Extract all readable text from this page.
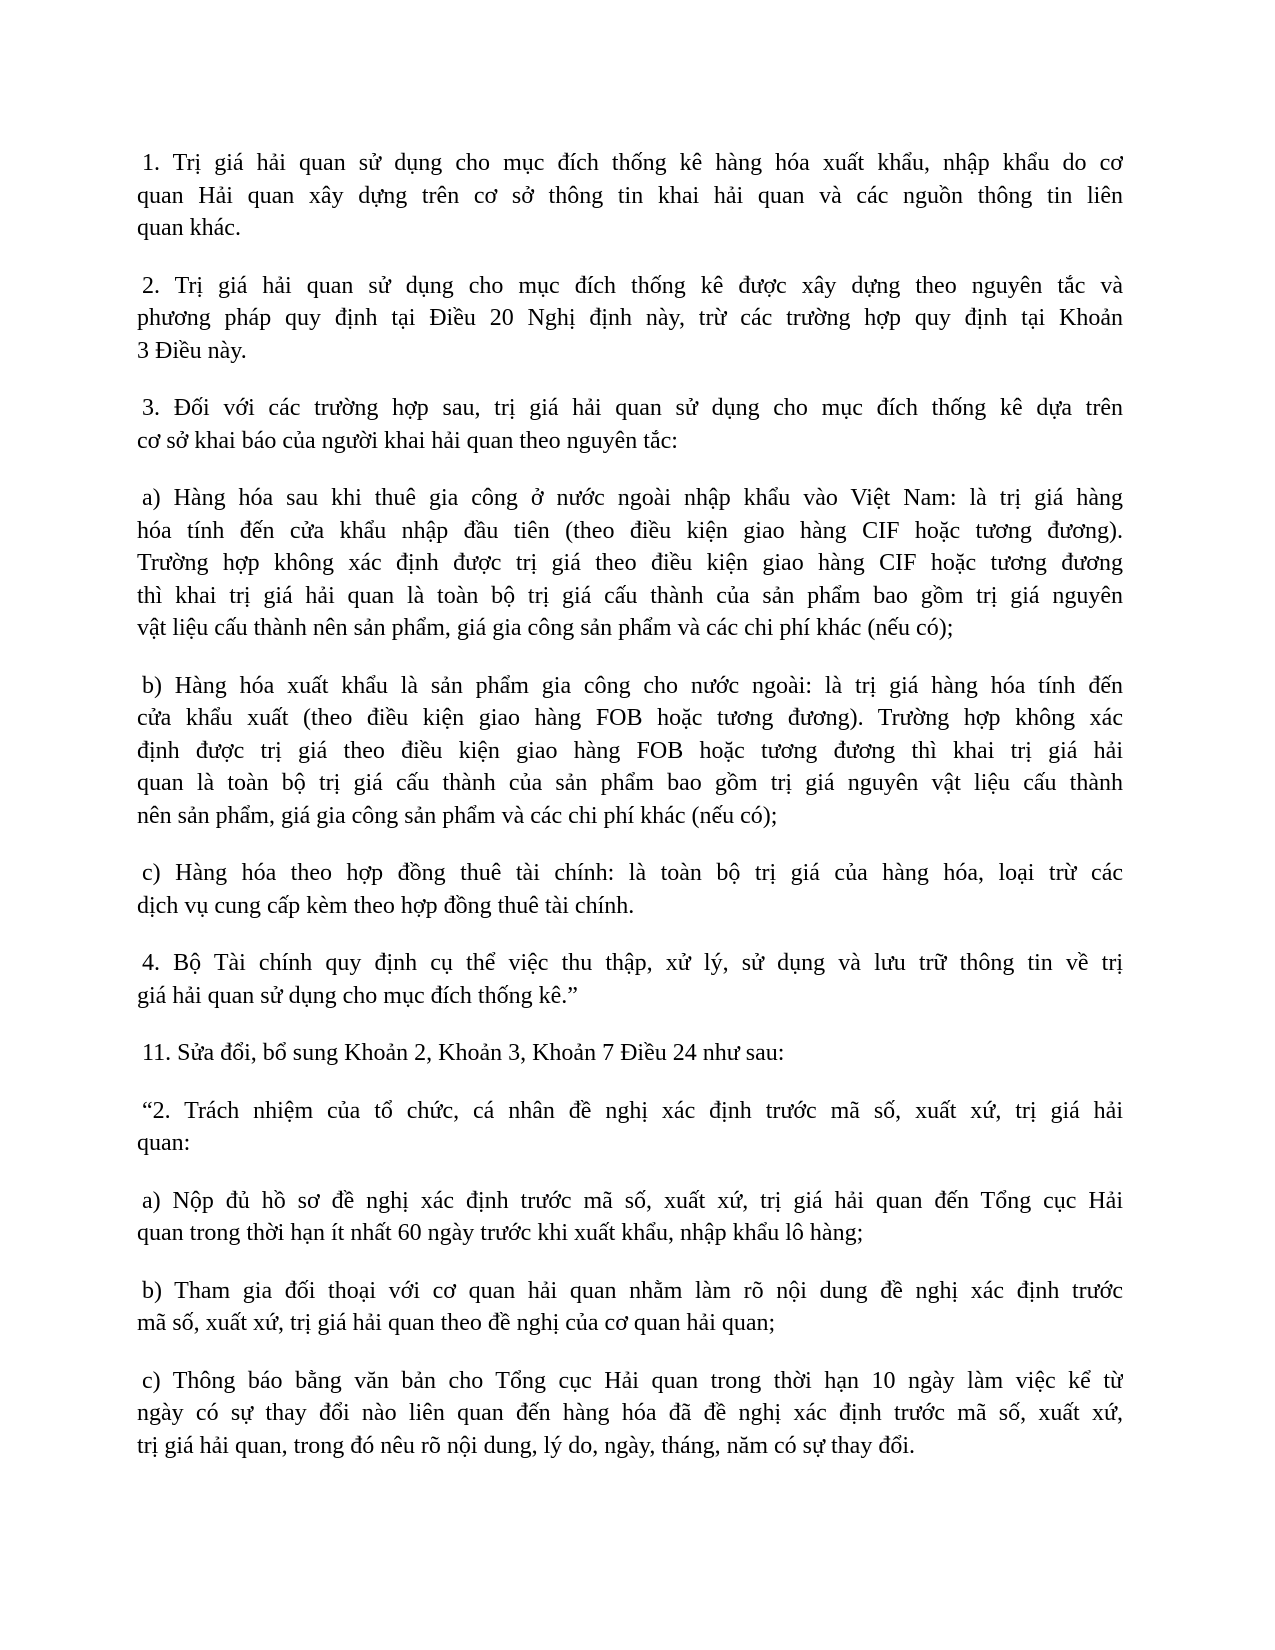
1. Trị giá hải quan sử dụng cho mục đích thống kê hàng hóa xuất khẩu, nhập khẩu do cơ
quan Hải quan xây dựng trên cơ sở thông tin khai hải quan và các nguồn thông tin liên
quan khác.
2. Trị giá hải quan sử dụng cho mục đích thống kê được xây dựng theo nguyên tắc và
phương pháp quy định tại Điều 20 Nghị định này, trừ các trường hợp quy định tại Khoản
3 Điều này.
3. Đối với các trường hợp sau, trị giá hải quan sử dụng cho mục đích thống kê dựa trên
cơ sở khai báo của người khai hải quan theo nguyên tắc:
a) Hàng hóa sau khi thuê gia công ở nước ngoài nhập khẩu vào Việt Nam: là trị giá hàng
hóa tính đến cửa khẩu nhập đầu tiên (theo điều kiện giao hàng CIF hoặc tương đương).
Trường hợp không xác định được trị giá theo điều kiện giao hàng CIF hoặc tương đương
thì khai trị giá hải quan là toàn bộ trị giá cấu thành của sản phẩm bao gồm trị giá nguyên
vật liệu cấu thành nên sản phẩm, giá gia công sản phẩm và các chi phí khác (nếu có);
b) Hàng hóa xuất khẩu là sản phẩm gia công cho nước ngoài: là trị giá hàng hóa tính đến
cửa khẩu xuất (theo điều kiện giao hàng FOB hoặc tương đương). Trường hợp không xác
định được trị giá theo điều kiện giao hàng FOB hoặc tương đương thì khai trị giá hải
quan là toàn bộ trị giá cấu thành của sản phẩm bao gồm trị giá nguyên vật liệu cấu thành
nên sản phẩm, giá gia công sản phẩm và các chi phí khác (nếu có);
c) Hàng hóa theo hợp đồng thuê tài chính: là toàn bộ trị giá của hàng hóa, loại trừ các
dịch vụ cung cấp kèm theo hợp đồng thuê tài chính.
4. Bộ Tài chính quy định cụ thể việc thu thập, xử lý, sử dụng và lưu trữ thông tin về trị
giá hải quan sử dụng cho mục đích thống kê.”
11. Sửa đổi, bổ sung Khoản 2, Khoản 3, Khoản 7 Điều 24 như sau:
“2. Trách nhiệm của tổ chức, cá nhân đề nghị xác định trước mã số, xuất xứ, trị giá hải
quan:
a) Nộp đủ hồ sơ đề nghị xác định trước mã số, xuất xứ, trị giá hải quan đến Tổng cục Hải
quan trong thời hạn ít nhất 60 ngày trước khi xuất khẩu, nhập khẩu lô hàng;
b) Tham gia đối thoại với cơ quan hải quan nhằm làm rõ nội dung đề nghị xác định trước
mã số, xuất xứ, trị giá hải quan theo đề nghị của cơ quan hải quan;
c) Thông báo bằng văn bản cho Tổng cục Hải quan trong thời hạn 10 ngày làm việc kể từ
ngày có sự thay đổi nào liên quan đến hàng hóa đã đề nghị xác định trước mã số, xuất xứ,
trị giá hải quan, trong đó nêu rõ nội dung, lý do, ngày, tháng, năm có sự thay đổi.
